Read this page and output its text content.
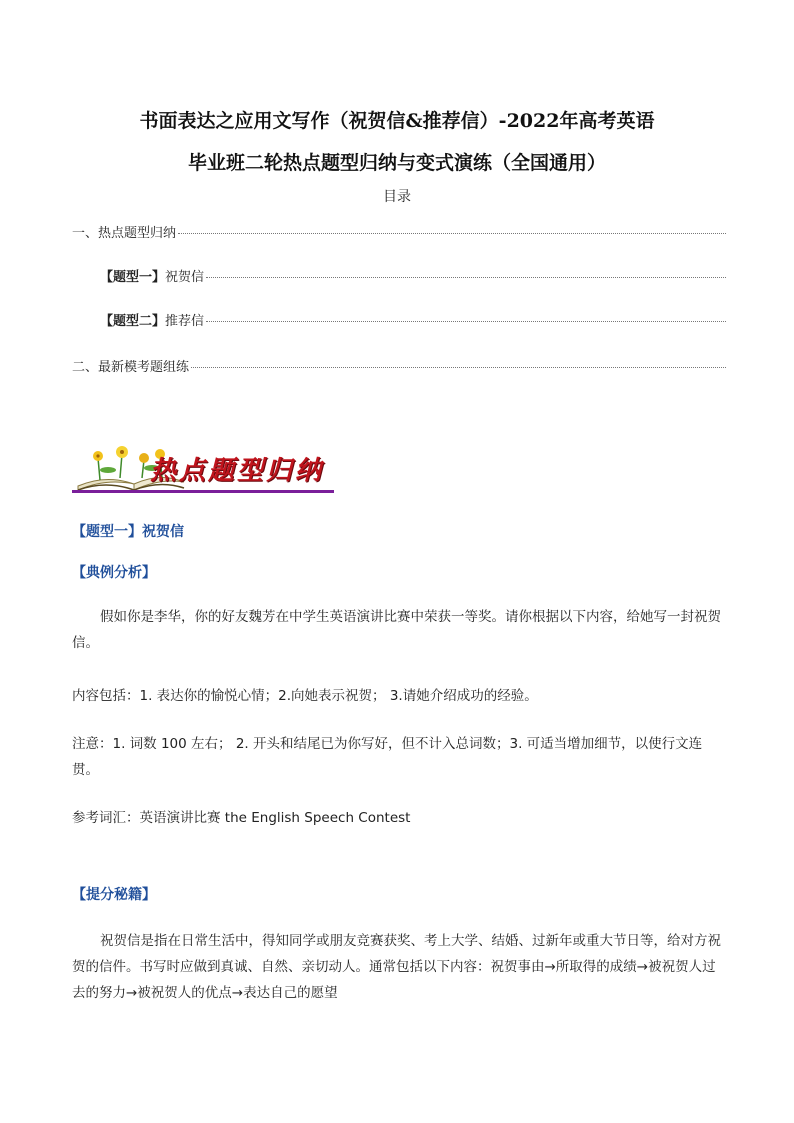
书面表达之应用文写作（祝贺信&推荐信）-2022年高考英语
毕业班二轮热点题型归纳与变式演练（全国通用）
目录
一、热点题型归纳
【题型一】 祝贺信
【题型二】 推荐信
二、最新模考题组练
热点题型归纳
【题型一】祝贺信
【典例分析】
假如你是李华，你的好友魏芳在中学生英语演讲比赛中荣获一等奖。请你根据以下内容，给她写一封祝贺信。
内容包括：1. 表达你的愉悦心情；2.向她表示祝贺； 3.请她介绍成功的经验。
注意：1. 词数 100 左右； 2. 开头和结尾已为你写好，但不计入总词数；3. 可适当增加细节，以使行文连贯。
参考词汇：英语演讲比赛 the English Speech Contest
【提分秘籍】
祝贺信是指在日常生活中，得知同学或朋友竞赛获奖、考上大学、结婚、过新年或重大节日等，给对方祝贺的信件。书写时应做到真诚、自然、亲切动人。通常包括以下内容：祝贺事由→所取得的成绩→被祝贺人过去的努力→被祝贺人的优点→表达自己的愿望
